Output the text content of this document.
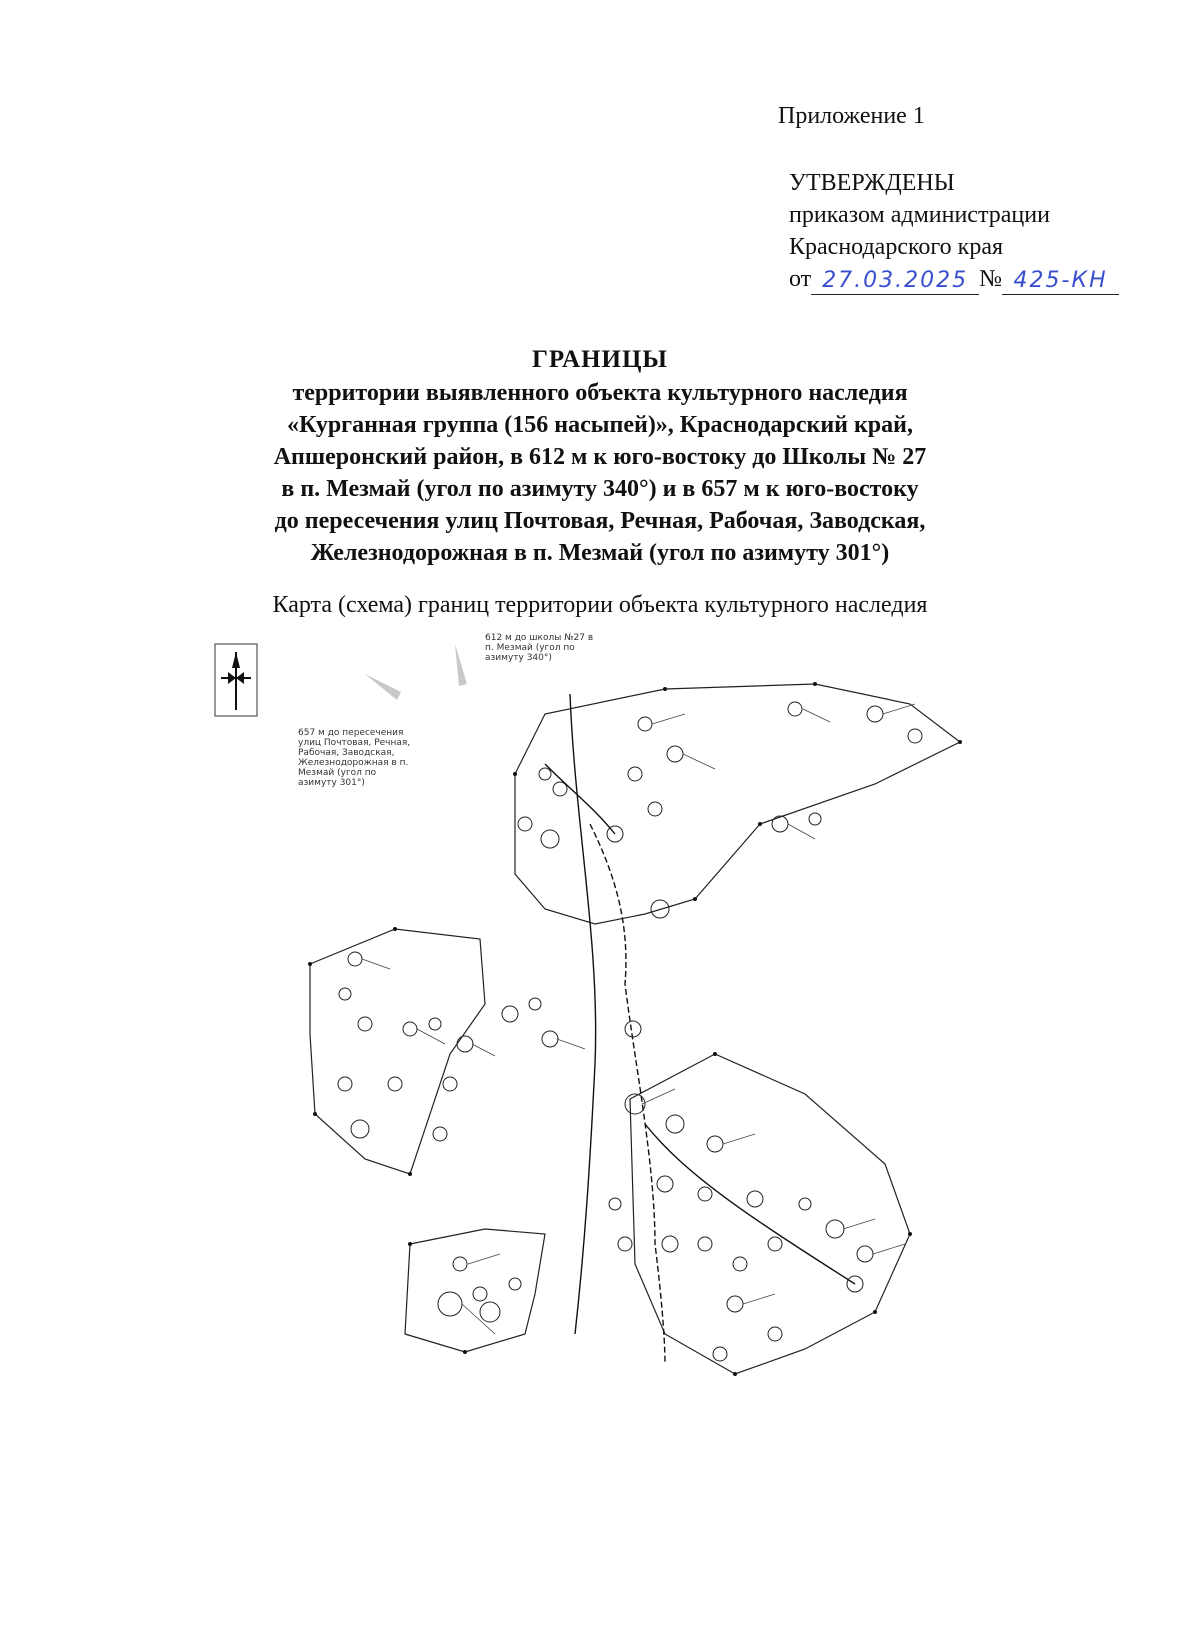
Приложение 1
УТВЕРЖДЕНЫ
приказом администрации
Краснодарского края
от 27.03.2025 № 425-КН
ГРАНИЦЫ
территории выявленного объекта культурного наследия
«Курганная группа (156 насыпей)», Краснодарский край,
Апшеронский район, в 612 м к юго-востоку до Школы № 27
в п. Мезмай (угол по азимуту 340°) и в 657 м к юго-востоку
до пересечения улиц Почтовая, Речная, Рабочая, Заводская,
Железнодорожная в п. Мезмай (угол по азимуту 301°)
Карта (схема) границ территории объекта культурного наследия
612 м до школы №27 в п. Мезмай (угол по азимуту 340°)
657 м до пересечения улиц Почтовая, Речная, Рабочая, Заводская, Железнодорожная в п. Мезмай (угол по азимуту 301°)
